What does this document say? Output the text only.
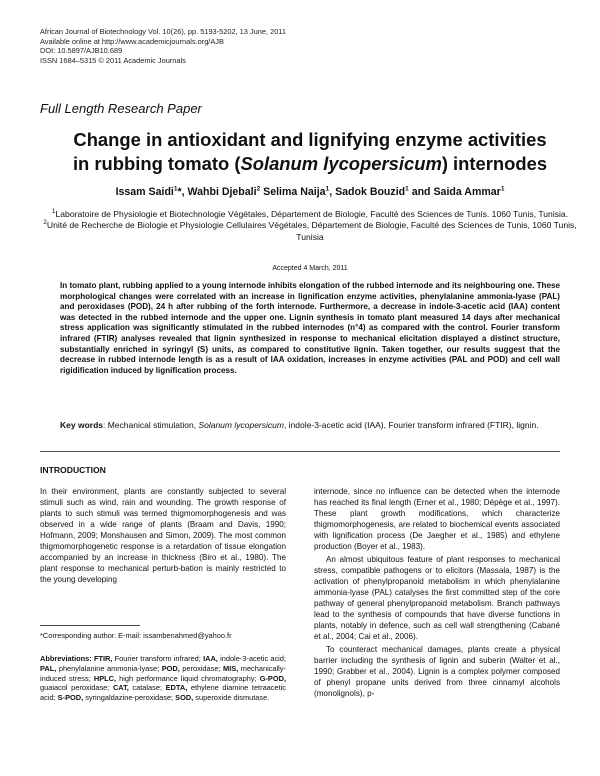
African Journal of Biotechnology Vol. 10(26), pp. 5193-5202, 13 June, 2011
Available online at http://www.academicjournals.org/AJB
DOI: 10.5897/AJB10.689
ISSN 1684–5315 © 2011 Academic Journals
Full Length Research Paper
Change in antioxidant and lignifying enzyme activities
in rubbing tomato (Solanum lycopersicum) internodes
Issam Saidi$^1$*, Wahbi Djebali$^2$ Selima Naija$^1$, Sadok Bouzid$^1$ and Saida Ammar$^1$
$^1$Laboratoire de Physiologie et Biotechnologie Végétales, Département de Biologie, Faculté des Sciences de Tunis. 1060 Tunis, Tunisia.
$^2$Unité de Recherche de Biologie et Physiologie Cellulaires Végétales, Département de Biologie, Faculté des Sciences de Tunis, 1060 Tunis, Tunisia
Accepted 4 March, 2011
In tomato plant, rubbing applied to a young internode inhibits elongation of the rubbed internode and its neighbouring one. These morphological changes were correlated with an increase in lignification enzyme activities, phenylalanine ammonia-lyase (PAL) and peroxidases (POD), 24 h after rubbing of the forth internode. Furthermore, a decrease in indole-3-acetic acid (IAA) content was detected in the rubbed internode and the upper one. Lignin synthesis in tomato plant measured 14 days after mechanical stress application was significantly stimulated in the rubbed internodes (n°4) as compared with the control. Fourier transform infrared (FTIR) analyses revealed that lignin synthesized in response to mechanical elicitation displayed a distinct structure, substantially enriched in syringyl (S) units, as compared to constitutive lignin. Taken together, our results suggest that the decrease in rubbed internode length is as a result of IAA oxidation, increases in enzyme activities (PAL and POD) and cell wall rigidification induced by lignification process.
Key words: Mechanical stimulation, Solanum lycopersicum, indole-3-acetic acid (IAA), Fourier transform infrared (FTIR), lignin.
INTRODUCTION

In their environment, plants are constantly subjected to several stimuli such as wind, rain and wounding. The growth response of plants to such stimuli was termed thigmomorphogenesis and was observed in a wide range of plants (Braam and Davis, 1990; Hofmann, 2009; Monshausen and Simon, 2009). The most common thigmomorphogenetic response is a retardation of tissue elongation accompanied by an increase in thickness (Biro et al., 1980). The plant response to mechanical perturb-bation is mainly restricted to the young developing

internode, since no influence can be detected when the internode has reached its final length (Erner et al., 1980; Dépège et al., 1997). These plant growth modifications, which characterize thigmomorphogenesis, are related to biochemical events associated with lignification process (De Jaegher et al., 1985) and ethylene production (Boyer et al., 1983).

An almost ubiquitous feature of plant responses to mechanical stress, compatible pathogens or to elicitors (Massala, 1987) is the activation of phenylpropanoid metabolism in which phenylalanine ammonia-lyase (PAL) catalyses the first committed step of the core pathway of general phenylpropanoid metabolism. Branch pathways lead to the synthesis of compounds that have diverse functions in plants, notably in defence, such as cell wall strengthening (Cabané et al., 2004; Cai et al., 2006).

To counteract mechanical damages, plants create a physical barrier including the synthesis of lignin and suberin (Walter et al., 1990; Grabber et al., 2004). Lignin is a complex polymer composed of phenyl propane units derived from three cinnamyl alcohols (monolignols), p-

*Corresponding author. E-mail: issambenahmed@yahoo.fr
Abbreviations: FTIR, Fourier transform infrared; IAA, indole-3-acetic acid; PAL, phenylalanine ammonia-lyase; POD, peroxidase; MIS, mechanically-induced stress; HPLC, high performance liquid chromatography; G-POD, guaiacol peroxidase; CAT, catalase; EDTA, ethylene diamine tetraacetic acid; S-POD, syringaldazine-peroxidase; SOD, superoxide dismutase.
